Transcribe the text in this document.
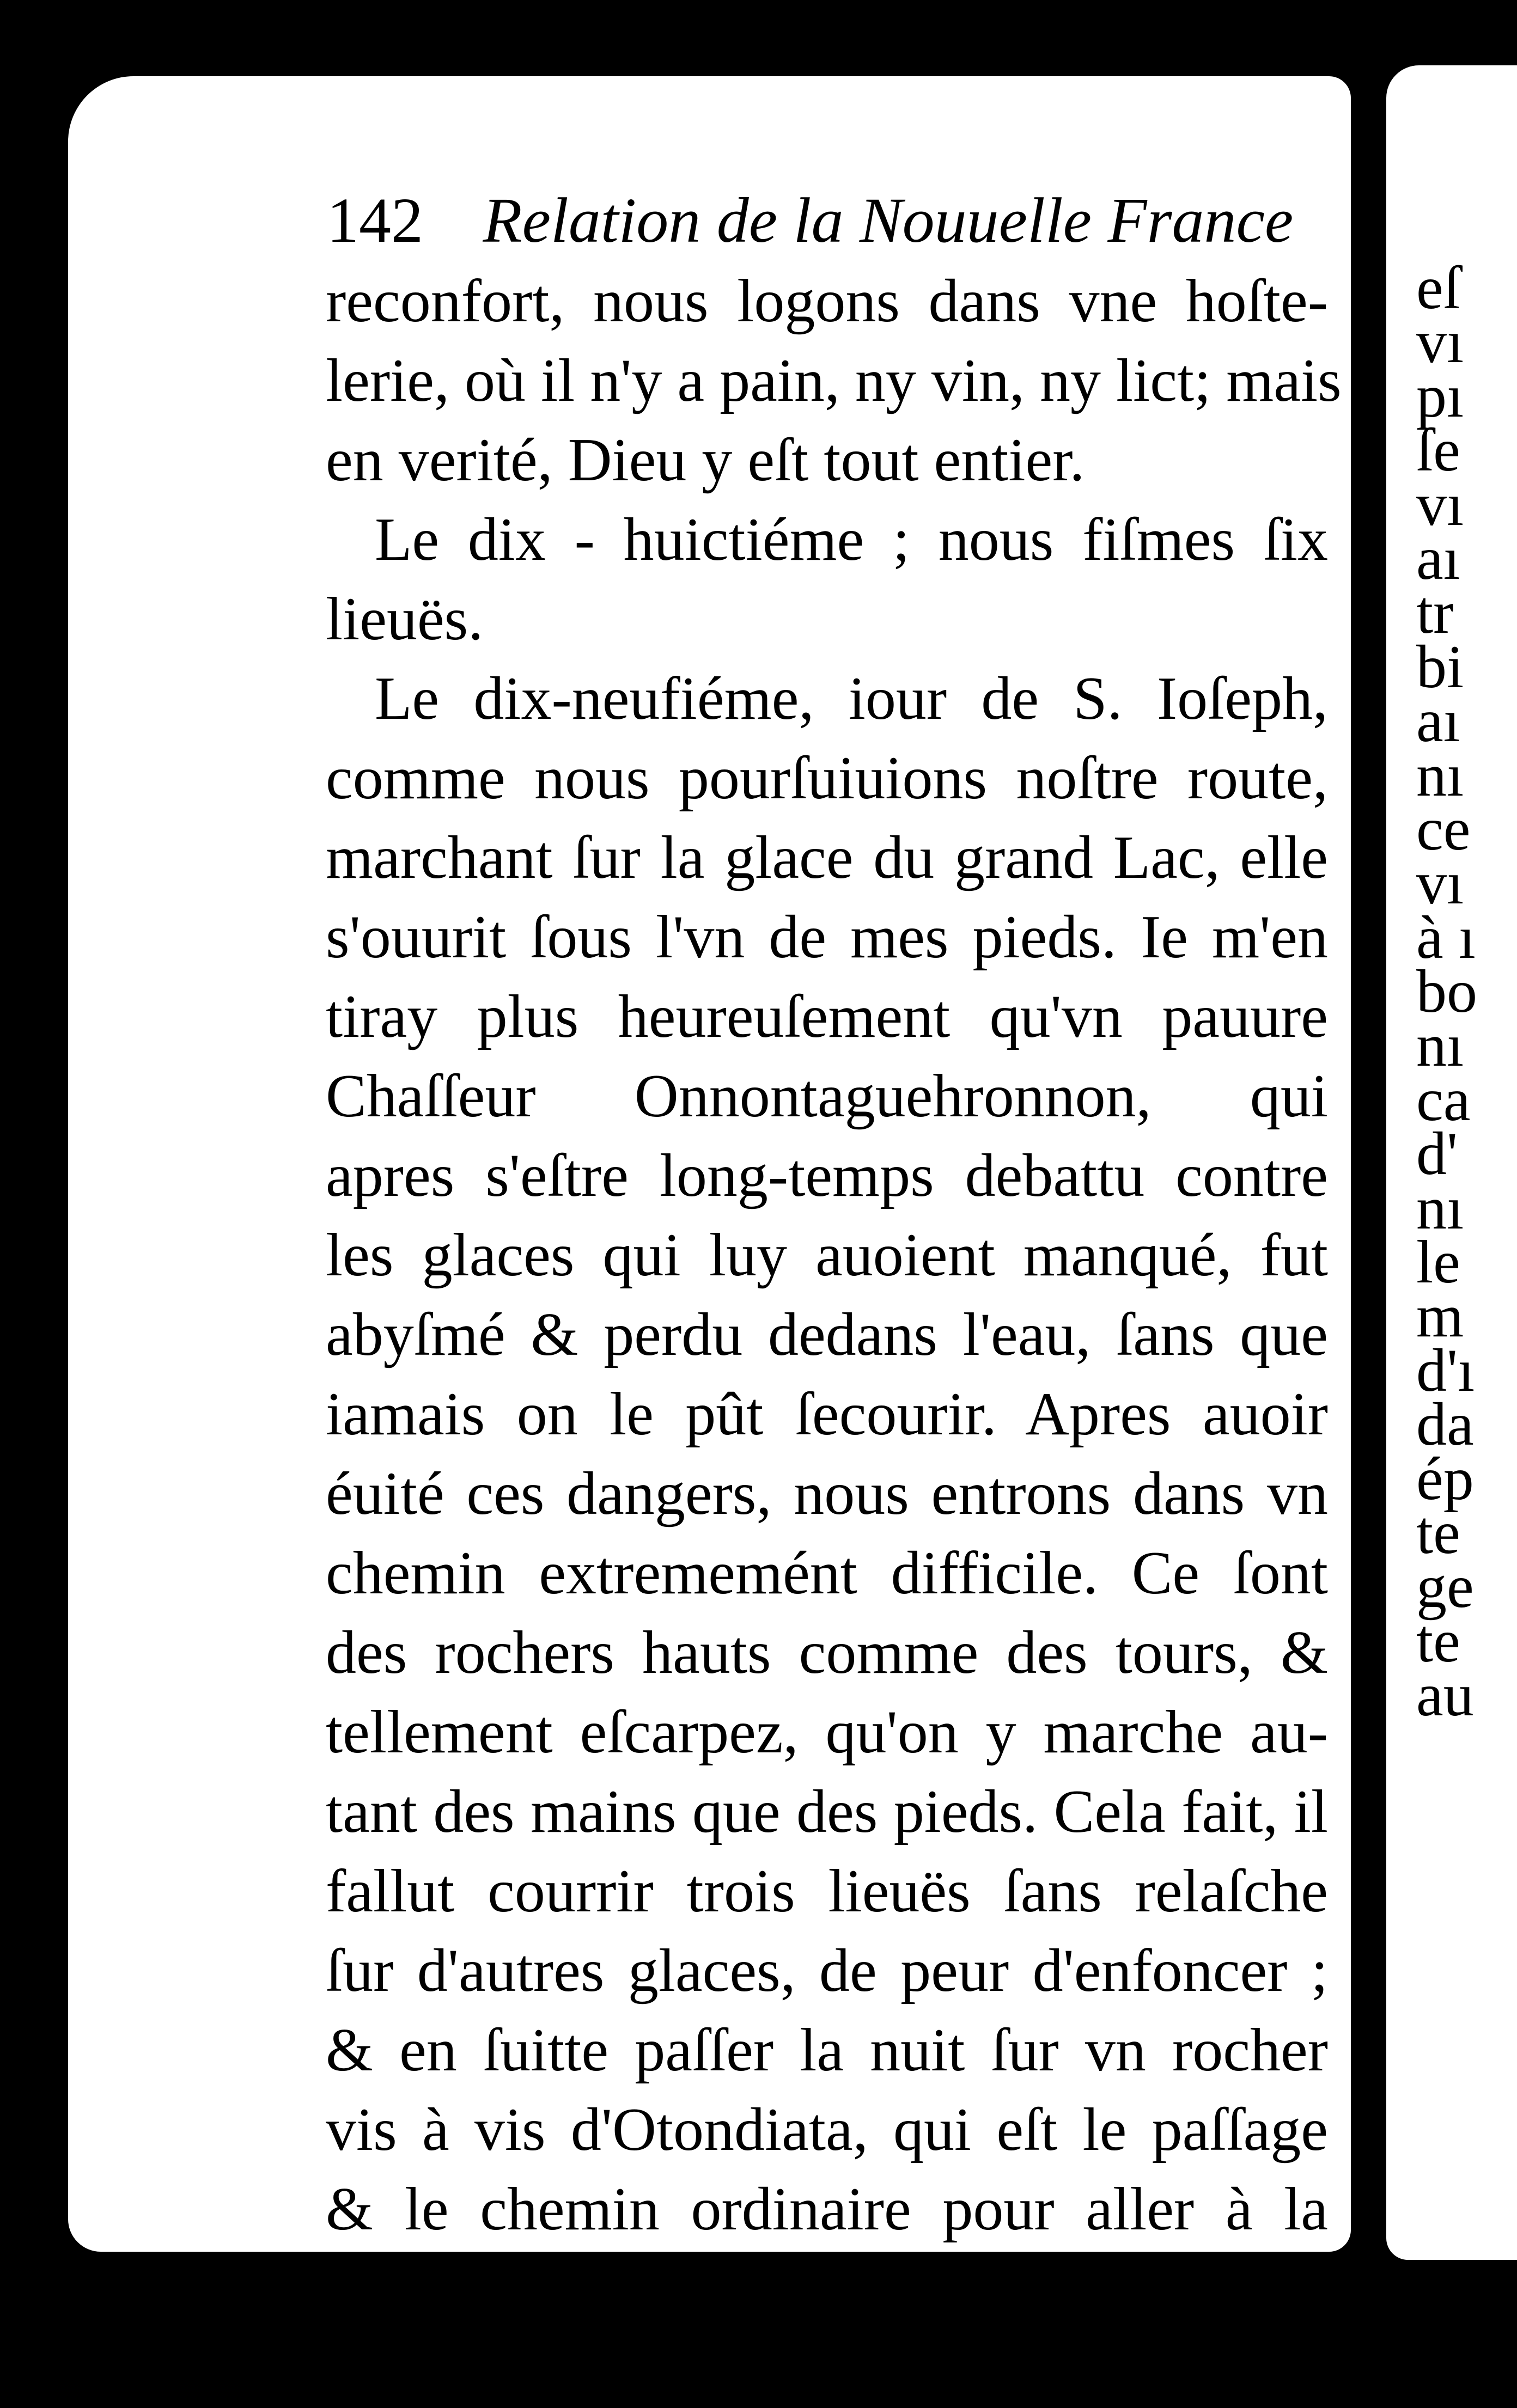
142 Relation de la Nouuelle France
reconfort, nous logons dans vne hoſte-
lerie, où il n'y a pain, ny vin, ny lict; mais
en verité, Dieu y eſt tout entier.
Le dix - huictiéme ; nous fiſmes ſix
lieuës.
Le dix-neufiéme, iour de S. Ioſeph,
comme nous pourſuiuions noſtre route,
marchant ſur la glace du grand Lac, elle
s'ouurit ſous l'vn de mes pieds. Ie m'en
tiray plus heureuſement qu'vn pauure
Chaſſeur Onnontaguehronnon, qui
apres s'eſtre long-temps debattu contre
les glaces qui luy auoient manqué, fut
abyſmé & perdu dedans l'eau, ſans que
iamais on le pût ſecourir. Apres auoir
éuité ces dangers, nous entrons dans vn
chemin extrememént difficile. Ce ſont
des rochers hauts comme des tours, &
tellement eſcarpez, qu'on y marche au-
tant des mains que des pieds. Cela fait, il
fallut courrir trois lieuës ſans relaſche
ſur d'autres glaces, de peur d'enfoncer ;
& en ſuitte paſſer la nuit ſur vn rocher
vis à vis d'Otondiata, qui eſt le paſſage
& le chemin ordinaire pour aller à la
Chaſſe des Caſtors. Nous fiſmes vn ca-
not pour trauerſer le Lac. Comme nous
eſ
vı
pı
ſe
vı
aı
tr
bi
aı
nı
ce
vı
à ı
bo
nı
ca
d'
nı
le
m
d'ı
da
ép
te
ge
te
au
